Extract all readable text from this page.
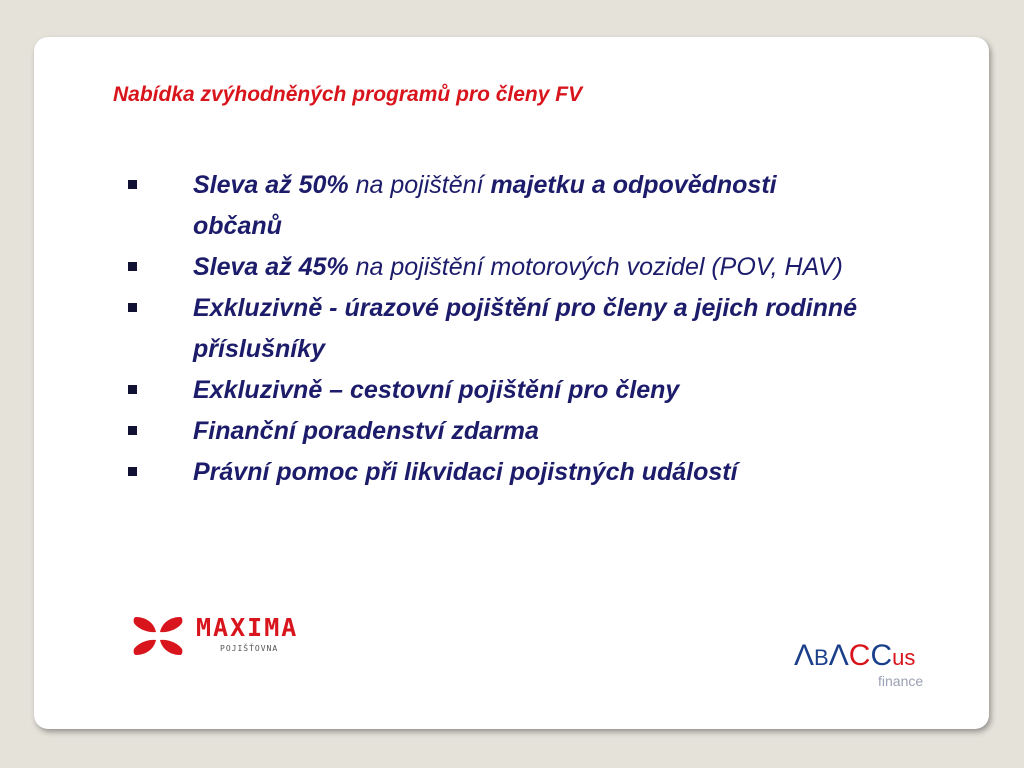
Nabídka zvýhodněných programů pro členy FV
Sleva až 50% na pojištění majetku a odpovědnosti
občanů
Sleva až 45% na pojištění motorových vozidel (POV, HAV)
Exkluzivně - úrazové pojištění pro členy a jejich rodinné
příslušníky
Exkluzivně – cestovní pojištění pro členy
Finanční poradenství zdarma
Právní pomoc při likvidaci pojistných událostí
MAXIMA
POJIŠŤOVNA	ΛBΛCCus
finance
